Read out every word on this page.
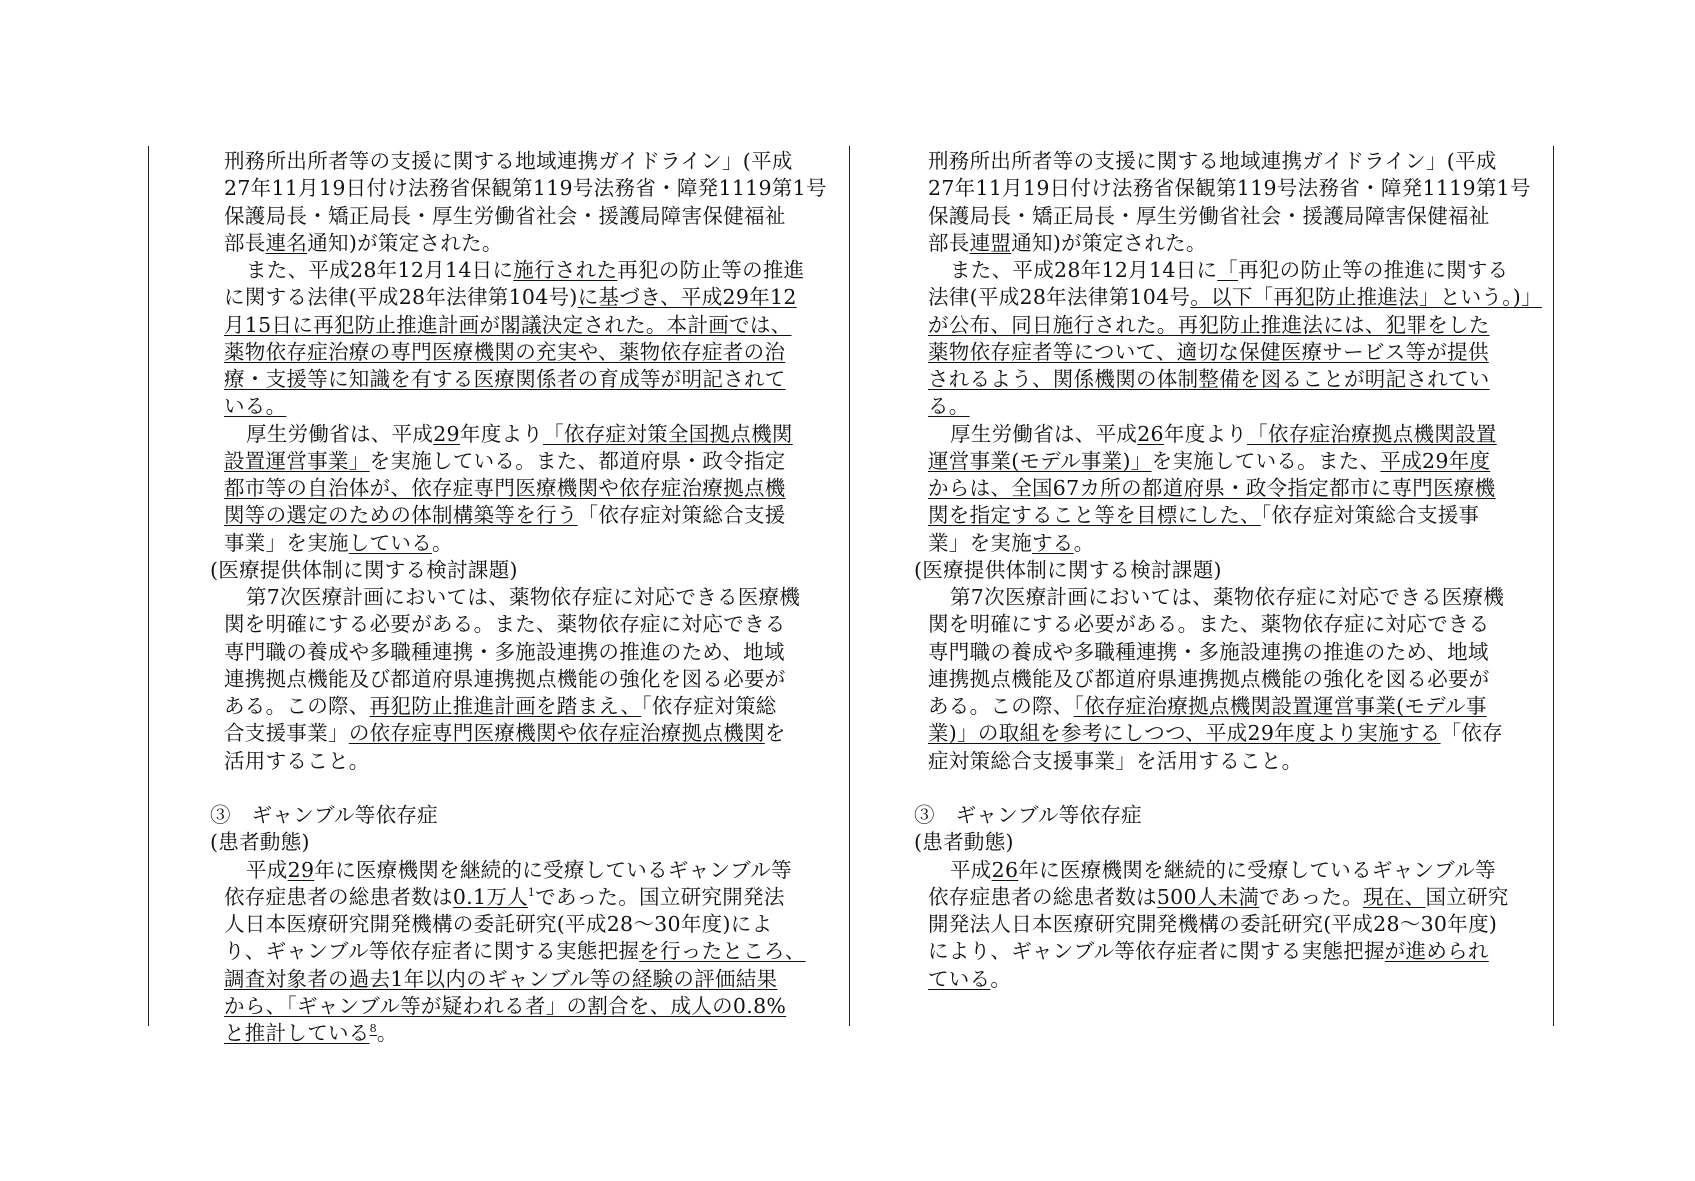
刑務所出所者等の支援に関する地域連携ガイドライン」(平成
27年11月19日付け法務省保観第119号法務省・障発1119第1号
保護局長・矯正局長・厚生労働省社会・援護局障害保健福祉
部長連名通知)が策定された。
また、平成28年12月14日に施行された再犯の防止等の推進
に関する法律(平成28年法律第104号)に基づき、平成29年12
月15日に再犯防止推進計画が閣議決定された。本計画では、
薬物依存症治療の専門医療機関の充実や、薬物依存症者の治
療・支援等に知識を有する医療関係者の育成等が明記されて
いる。
厚生労働省は、平成29年度より「依存症対策全国拠点機関
設置運営事業」を実施している。また、都道府県・政令指定
都市等の自治体が、依存症専門医療機関や依存症治療拠点機
関等の選定のための体制構築等を行う「依存症対策総合支援
事業」を実施している。
(医療提供体制に関する検討課題)
第7次医療計画においては、薬物依存症に対応できる医療機
関を明確にする必要がある。また、薬物依存症に対応できる
専門職の養成や多職種連携・多施設連携の推進のため、地域
連携拠点機能及び都道府県連携拠点機能の強化を図る必要が
ある。この際、再犯防止推進計画を踏まえ、「依存症対策総
合支援事業」の依存症専門医療機関や依存症治療拠点機関を
活用すること。
③　ギャンブル等依存症
(患者動態)
平成29年に医療機関を継続的に受療しているギャンブル等
依存症患者の総患者数は0.1万人$^1$であった。国立研究開発法
人日本医療研究開発機構の委託研究(平成28～30年度)によ
り、ギャンブル等依存症者に関する実態把握を行ったところ、
調査対象者の過去1年以内のギャンブル等の経験の評価結果
から、「ギャンブル等が疑われる者」の割合を、成人の0.8%
と推計している$^8$。
刑務所出所者等の支援に関する地域連携ガイドライン」(平成
27年11月19日付け法務省保観第119号法務省・障発1119第1号
保護局長・矯正局長・厚生労働省社会・援護局障害保健福祉
部長連盟通知)が策定された。
また、平成28年12月14日に「再犯の防止等の推進に関する
法律(平成28年法律第104号。以下「再犯防止推進法」という。)」
が公布、同日施行された。再犯防止推進法には、犯罪をした
薬物依存症者等について、適切な保健医療サービス等が提供
されるよう、関係機関の体制整備を図ることが明記されてい
る。
厚生労働省は、平成26年度より「依存症治療拠点機関設置
運営事業(モデル事業)」を実施している。また、平成29年度
からは、全国67カ所の都道府県・政令指定都市に専門医療機
関を指定すること等を目標にした、「依存症対策総合支援事
業」を実施する。
(医療提供体制に関する検討課題)
第7次医療計画においては、薬物依存症に対応できる医療機
関を明確にする必要がある。また、薬物依存症に対応できる
専門職の養成や多職種連携・多施設連携の推進のため、地域
連携拠点機能及び都道府県連携拠点機能の強化を図る必要が
ある。この際、「依存症治療拠点機関設置運営事業(モデル事
業)」の取組を参考にしつつ、平成29年度より実施する「依存
症対策総合支援事業」を活用すること。
③　ギャンブル等依存症
(患者動態)
平成26年に医療機関を継続的に受療しているギャンブル等
依存症患者の総患者数は500人未満であった。現在、国立研究
開発法人日本医療研究開発機構の委託研究(平成28～30年度)
により、ギャンブル等依存症者に関する実態把握が進められ
ている。
